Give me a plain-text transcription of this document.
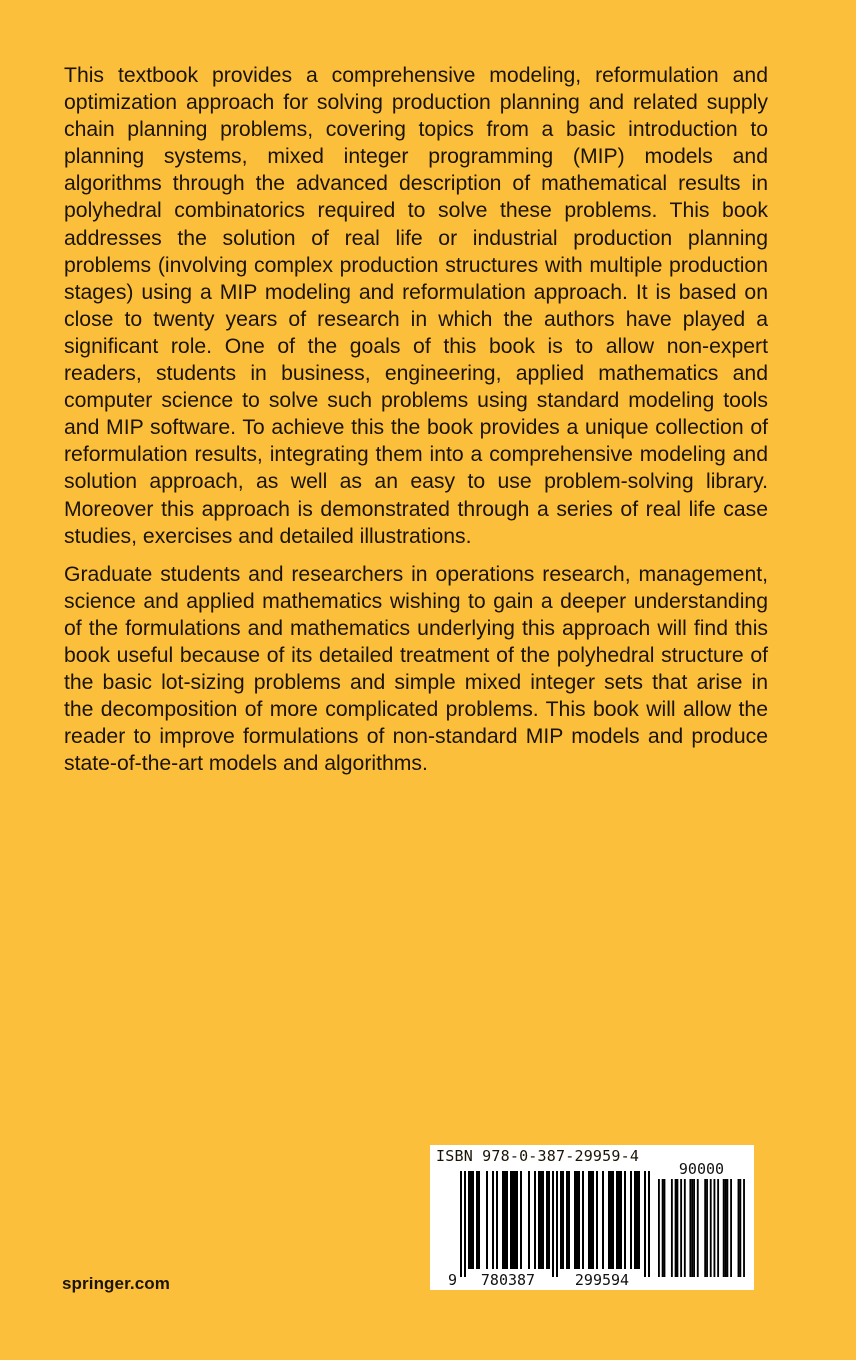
This textbook provides a comprehensive modeling, reformulation and optimization approach for solving production planning and related supply chain planning problems, covering topics from a basic introduction to planning systems, mixed integer programming (MIP) models and algorithms through the advanced description of mathematical results in polyhedral combinatorics required to solve these problems. This book addresses the solution of real life or industrial production planning problems (involving complex production structures with multiple production stages) using a MIP modeling and reformulation approach. It is based on close to twenty years of research in which the authors have played a significant role. One of the goals of this book is to allow non-expert readers, students in business, engineering, applied mathematics and computer science to solve such problems using standard modeling tools and MIP software. To achieve this the book provides a unique collection of reformulation results, integrating them into a comprehensive modeling and solution approach, as well as an easy to use problem-solving library. Moreover this approach is demonstrated through a series of real life case studies, exercises and detailed illustrations.

Graduate students and researchers in operations research, management, science and applied mathematics wishing to gain a deeper understanding of the formulations and mathematics underlying this approach will find this book useful because of its detailed treatment of the polyhedral structure of the basic lot-sizing problems and simple mixed integer sets that arise in the decomposition of more complicated problems. This book will allow the reader to improve formulations of non-standard MIP models and produce state-of-the-art models and algorithms.

springer.com
ISBN 978-0-387-29959-4
9 780387	299594
90000
